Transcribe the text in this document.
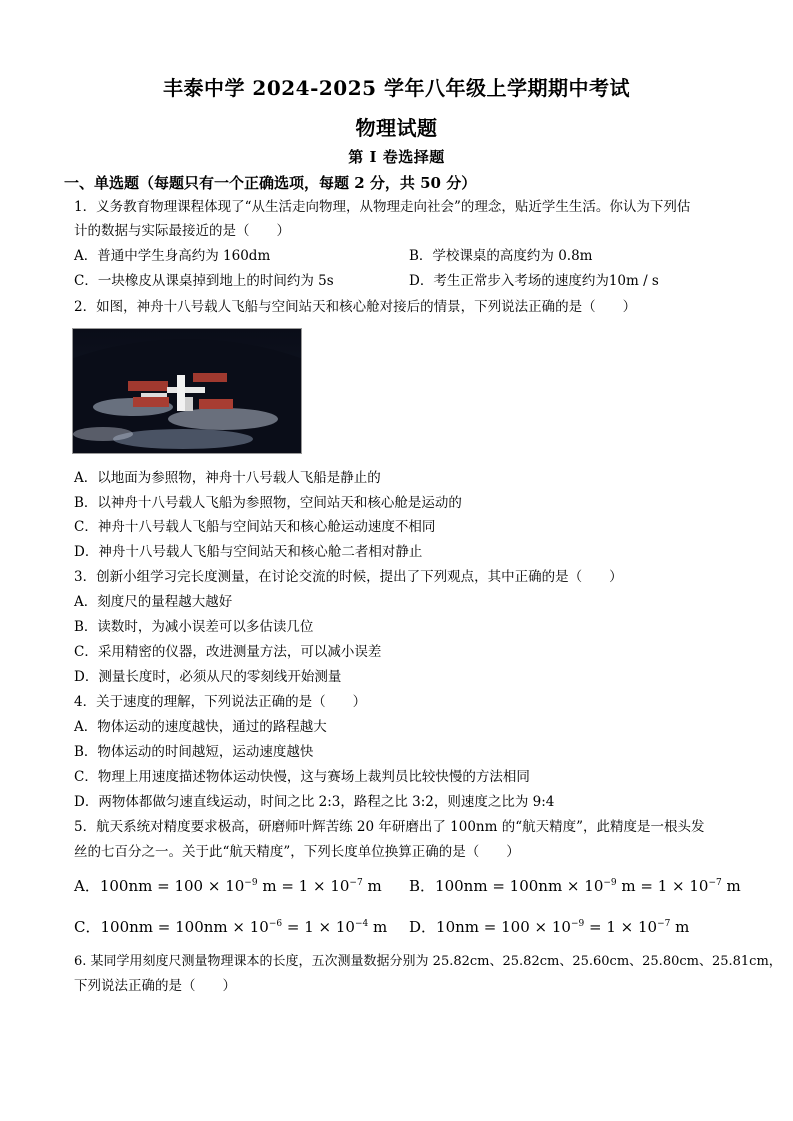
丰泰中学 2024-2025 学年八年级上学期期中考试
物理试题
第 I 卷选择题
一、单选题（每题只有一个正确选项，每题 2 分，共 50 分）
1．义务教育物理课程体现了“从生活走向物理，从物理走向社会”的理念，贴近学生生活。你认为下列估
计的数据与实际最接近的是（　　）
A．普通中学生身高约为 160dm	B．学校课桌的高度约为 0.8m
C．一块橡皮从课桌掉到地上的时间约为 5s	D．考生正常步入考场的速度约为10m / s
2．如图，神舟十八号载人飞船与空间站天和核心舱对接后的情景，下列说法正确的是（　　）
A．以地面为参照物，神舟十八号载人飞船是静止的
B．以神舟十八号载人飞船为参照物，空间站天和核心舱是运动的
C．神舟十八号载人飞船与空间站天和核心舱运动速度不相同
D．神舟十八号载人飞船与空间站天和核心舱二者相对静止
3．创新小组学习完长度测量，在讨论交流的时候，提出了下列观点，其中正确的是（　　）
A．刻度尺的量程越大越好
B．读数时，为减小误差可以多估读几位
C．采用精密的仪器，改进测量方法，可以减小误差
D．测量长度时，必须从尺的零刻线开始测量
4．关于速度的理解，下列说法正确的是（　　）
A．物体运动的速度越快，通过的路程越大
B．物体运动的时间越短，运动速度越快
C．物理上用速度描述物体运动快慢，这与赛场上裁判员比较快慢的方法相同
D．两物体都做匀速直线运动，时间之比 2:3，路程之比 3:2，则速度之比为 9:4
5．航天系统对精度要求极高，研磨师叶辉苦练 20 年研磨出了 100nm 的“航天精度”，此精度是一根头发
丝的七百分之一。关于此“航天精度”，下列长度单位换算正确的是（　　）
A．$100nm = 100 \times 10^{-9}$ $m = 1 \times 10^{-7}$ m B．$100nm = 100nm \times 10^{-9}$ $m = 1 \times 10^{-7}$ m
C．$100nm = 100nm \times 10^{-6} = 1 \times 10^{-4}$ m D．$10nm = 100 \times 10^{-9} = 1 \times 10^{-7}$ m
6. 某同学用刻度尺测量物理课本的长度，五次测量数据分别为 25.82cm、25.82cm、25.60cm、25.80cm、25.81cm，
下列说法正确的是（　　）
